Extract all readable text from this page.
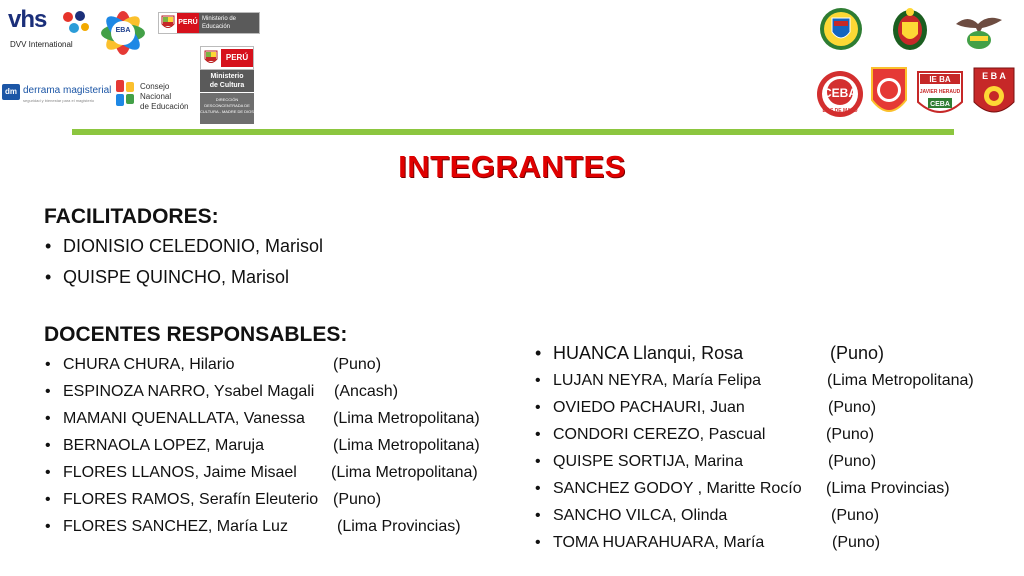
vhs
DVV International
EBA
PERÚ Ministerio de Educación
dm derrama magisterial
seguridad y bienestar para el magisterio
Consejo Nacional
de Educación
PERÚ
Ministerio
de Cultura
DIRECCIÓN DESCONCENTRADA DE CULTURA - MADRE DE DIOS
CEBA
DOS DE MAYO
IE BA
JAVIER HERAUD
CEBA
E B A
INTEGRANTES
FACILITADORES:
• DIONISIO CELEDONIO, Marisol
• QUISPE QUINCHO, Marisol
DOCENTES RESPONSABLES:
• CHURA CHURA, Hilario	(Puno)
• ESPINOZA NARRO, Ysabel Magali (Ancash)
• MAMANI QUENALLATA, Vanessa (Lima Metropolitana)
• BERNAOLA LOPEZ, Maruja	(Lima Metropolitana)
• FLORES LLANOS, Jaime Misael (Lima Metropolitana)
• FLORES RAMOS, Serafín Eleuterio (Puno)
• FLORES SANCHEZ, María Luz	(Lima Provincias)
• HUANCA Llanqui, Rosa	(Puno)
• LUJAN NEYRA, María Felipa	(Lima Metropolitana)
• OVIEDO PACHAURI, Juan	(Puno)
• CONDORI CEREZO, Pascual	(Puno)
• QUISPE SORTIJA, Marina	(Puno)
• SANCHEZ GODOY , Maritte Rocío (Lima Provincias)
• SANCHO VILCA, Olinda	(Puno)
• TOMA HUARAHUARA, María	(Puno)
